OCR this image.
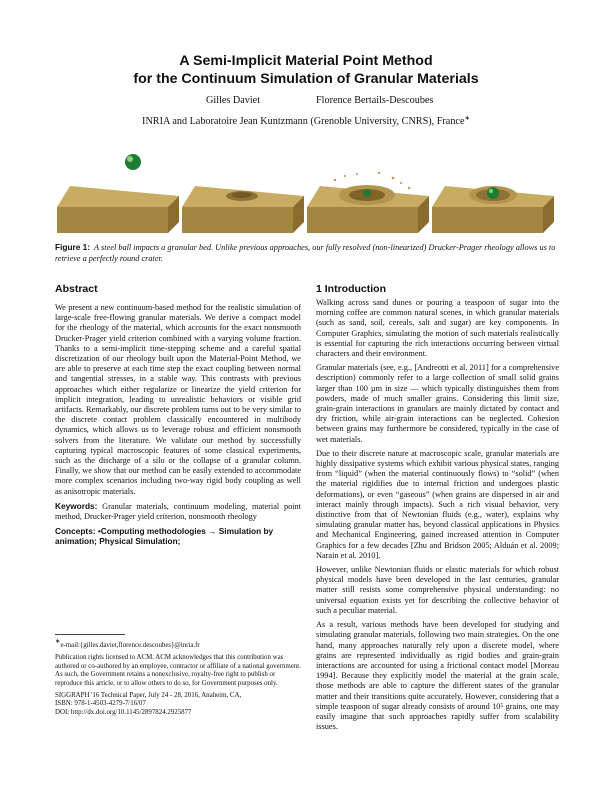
A Semi-Implicit Material Point Method
for the Continuum Simulation of Granular Materials
Gilles Daviet	Florence Bertails-Descoubes
INRIA and Laboratoire Jean Kuntzmann (Grenoble University, CNRS), France∗
Figure 1: A steel ball impacts a granular bed. Unlike previous approaches, our fully resolved (non-linearized) Drucker-Prager rheology allows us to retrieve a perfectly round crater.
Abstract

We present a new continuum-based method for the realistic simulation of large-scale free-flowing granular materials. We derive a compact model for the rheology of the material, which accounts for the exact nonsmooth Drucker-Prager yield criterion combined with a varying volume fraction. Thanks to a semi-implicit time-stepping scheme and a careful spatial discretization of our rheology built upon the Material-Point Method, we are able to preserve at each time step the exact coupling between normal and tangential stresses, in a stable way. This contrasts with previous approaches which either regularize or linearize the yield criterion for implicit integration, leading to unrealistic behaviors or visible grid artifacts. Remarkably, our discrete problem turns out to be very similar to the discrete contact problem classically encountered in multibody dynamics, which allows us to leverage robust and efficient nonsmooth solvers from the literature. We validate our method by successfully capturing typical macroscopic features of some classical experiments, such as the discharge of a silo or the collapse of a granular column. Finally, we show that our method can be easily extended to accommodate more complex scenarios including two-way rigid body coupling as well as anisotropic materials.

Keywords: Granular materials, continuum modeling, material point method, Drucker-Prager yield criterion, nonsmooth rheology

Concepts: •Computing methodologies → Simulation by animation; Physical Simulation;

∗e-mail:{gilles.daviet,florence.descoubes}@inria.fr

Publication rights licensed to ACM. ACM acknowledges that this contribution was authored or co-authored by an employee, contractor or affiliate of a national government. As such, the Government retains a nonexclusive, royalty-free right to publish or reproduce this article, or to allow others to do so, for Government purposes only.

SIGGRAPH '16 Technical Paper, July 24 - 28, 2016, Anaheim, CA,

ISBN: 978-1-4503-4279-7/16/07

DOI: http://dx.doi.org/10.1145/2897824.2925877

1 Introduction

Walking across sand dunes or pouring a teaspoon of sugar into the morning coffee are common natural scenes, in which granular materials (such as sand, soil, cereals, salt and sugar) are key components. In Computer Graphics, simulating the motion of such materials realistically is essential for capturing the rich interactions occurring between virtual characters and their environment.

Granular materials (see, e.g., [Andreotti et al. 2011] for a comprehensive description) commonly refer to a large collection of small solid grains larger than 100 µm in size — which typically distinguishes them from powders, made of much smaller grains. Considering this limit size, grain-grain interactions in granulars are mainly dictated by contact and dry friction, while air-grain interactions can be neglected. Cohesion between grains may furthermore be considered, typically in the case of wet materials.

Due to their discrete nature at macroscopic scale, granular materials are highly dissipative systems which exhibit various physical states, ranging from “liquid” (when the material continuously flows) to “solid” (when the material rigidifies due to internal friction and undergoes plastic deformations), or even “gaseous” (when grains are dispersed in air and interact mainly through impacts). Such a rich visual behavior, very distinctive from that of Newtonian fluids (e.g., water), explains why simulating granular matter has, beyond classical applications in Physics and Mechanical Engineering, gained increased attention in Computer Graphics for a few decades [Zhu and Bridson 2005; Alduán et al. 2009; Narain et al. 2010].

However, unlike Newtonian fluids or elastic materials for which robust physical models have been developed in the last centuries, granular matter still resists some comprehensive physical understanding: no universal equation exists yet for describing the collective behavior of such a peculiar material.

As a result, various methods have been developed for studying and simulating granular materials, following two main strategies. On the one hand, many approaches naturally rely upon a discrete model, where grains are represented individually as rigid bodies and grain-grain interactions are accounted for using a frictional contact model [Moreau 1994]. Because they explicitly model the material at the grain scale, those methods are able to capture the different states of the granular matter and their transitions quite accurately. However, considering that a simple teaspoon of sugar already consists of around 10⁵ grains, one may easily imagine that such approaches rapidly suffer from scalability issues.
